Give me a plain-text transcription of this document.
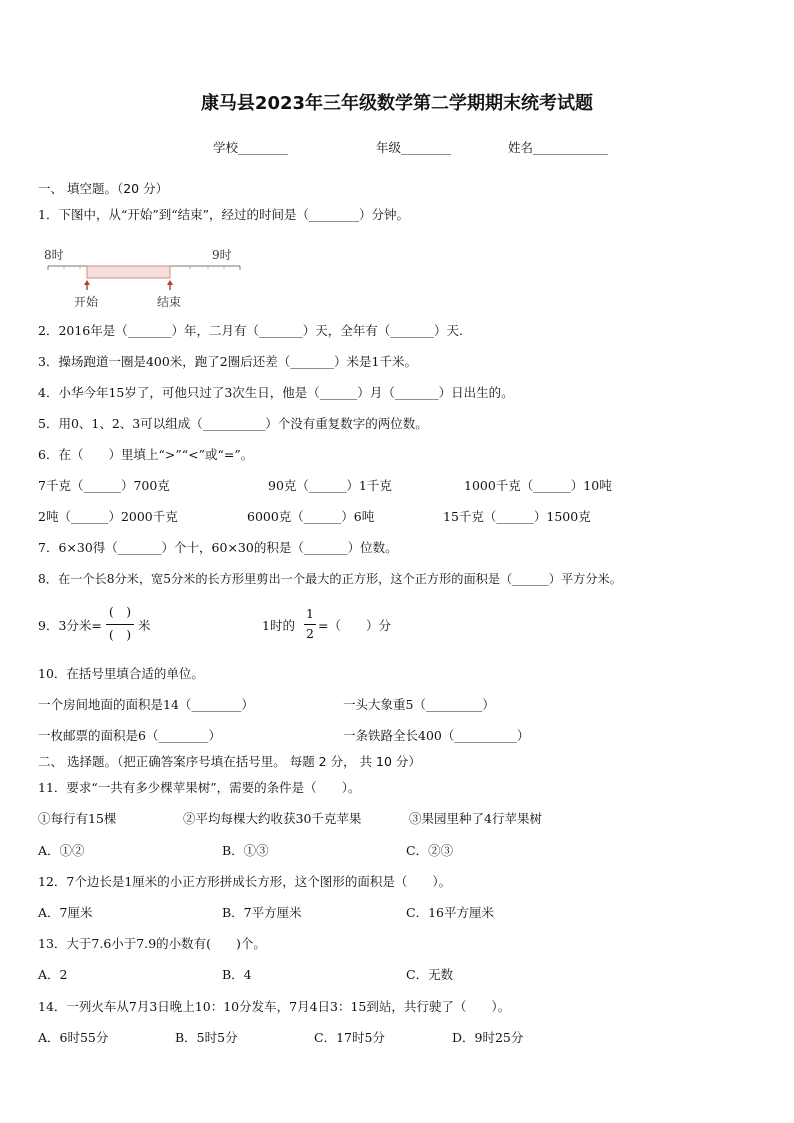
康马县2023年三年级数学第二学期期末统考试题
学校________	年级________	姓名____________
一、 填空题。（20 分）
1．下图中，从“开始”到“结束”，经过的时间是（________）分钟。
8时	9时
开始	结束
2．2016年是（_______）年，二月有（_______）天，全年有（_______）天.
3．操场跑道一圈是400米，跑了2圈后还差（_______）米是1千米。
4．小华今年15岁了，可他只过了3次生日，他是（______）月（_______）日出生的。
5．用0、1、2、3可以组成（__________）个没有重复数字的两位数。
6．在（　　）里填上“>”“<”或“=”。
7千克（______）700克	90克（______）1千克	1000千克（______）10吨
2吨（______）2000千克	6000克（______）6吨	15千克（______）1500克
7．6×30得（_______）个十，60×30的积是（_______）位数。
8．在一个长8分米，宽5分米的长方形里剪出一个最大的正方形，这个正方形的面积是（______）平方分米。
9．3分米=
(　)
(　)
米	1时的
1
2
=（　　）分
10．在括号里填合适的单位。
一个房间地面的面积是14（________）	一头大象重5（_________）
一枚邮票的面积是6（________）	一条铁路全长400（__________）
二、 选择题。（把正确答案序号填在括号里。 每题 2 分， 共 10 分）
11．要求“一共有多少棵苹果树”，需要的条件是（　　）。
①每行有15棵	②平均每棵大约收获30千克苹果	③果园里种了4行苹果树
A．①②	B．①③	C．②③
12．7个边长是1厘米的小正方形拼成长方形，这个图形的面积是（　　）。
A．7厘米	B．7平方厘米	C．16平方厘米
13．大于7.6小于7.9的小数有(　　)个。
A．2	B．4	C．无数
14．一列火车从7月3日晚上10：10分发车，7月4日3：15到站，共行驶了（　　）。
A．6时55分	B．5时5分	C．17时5分	D．9时25分
